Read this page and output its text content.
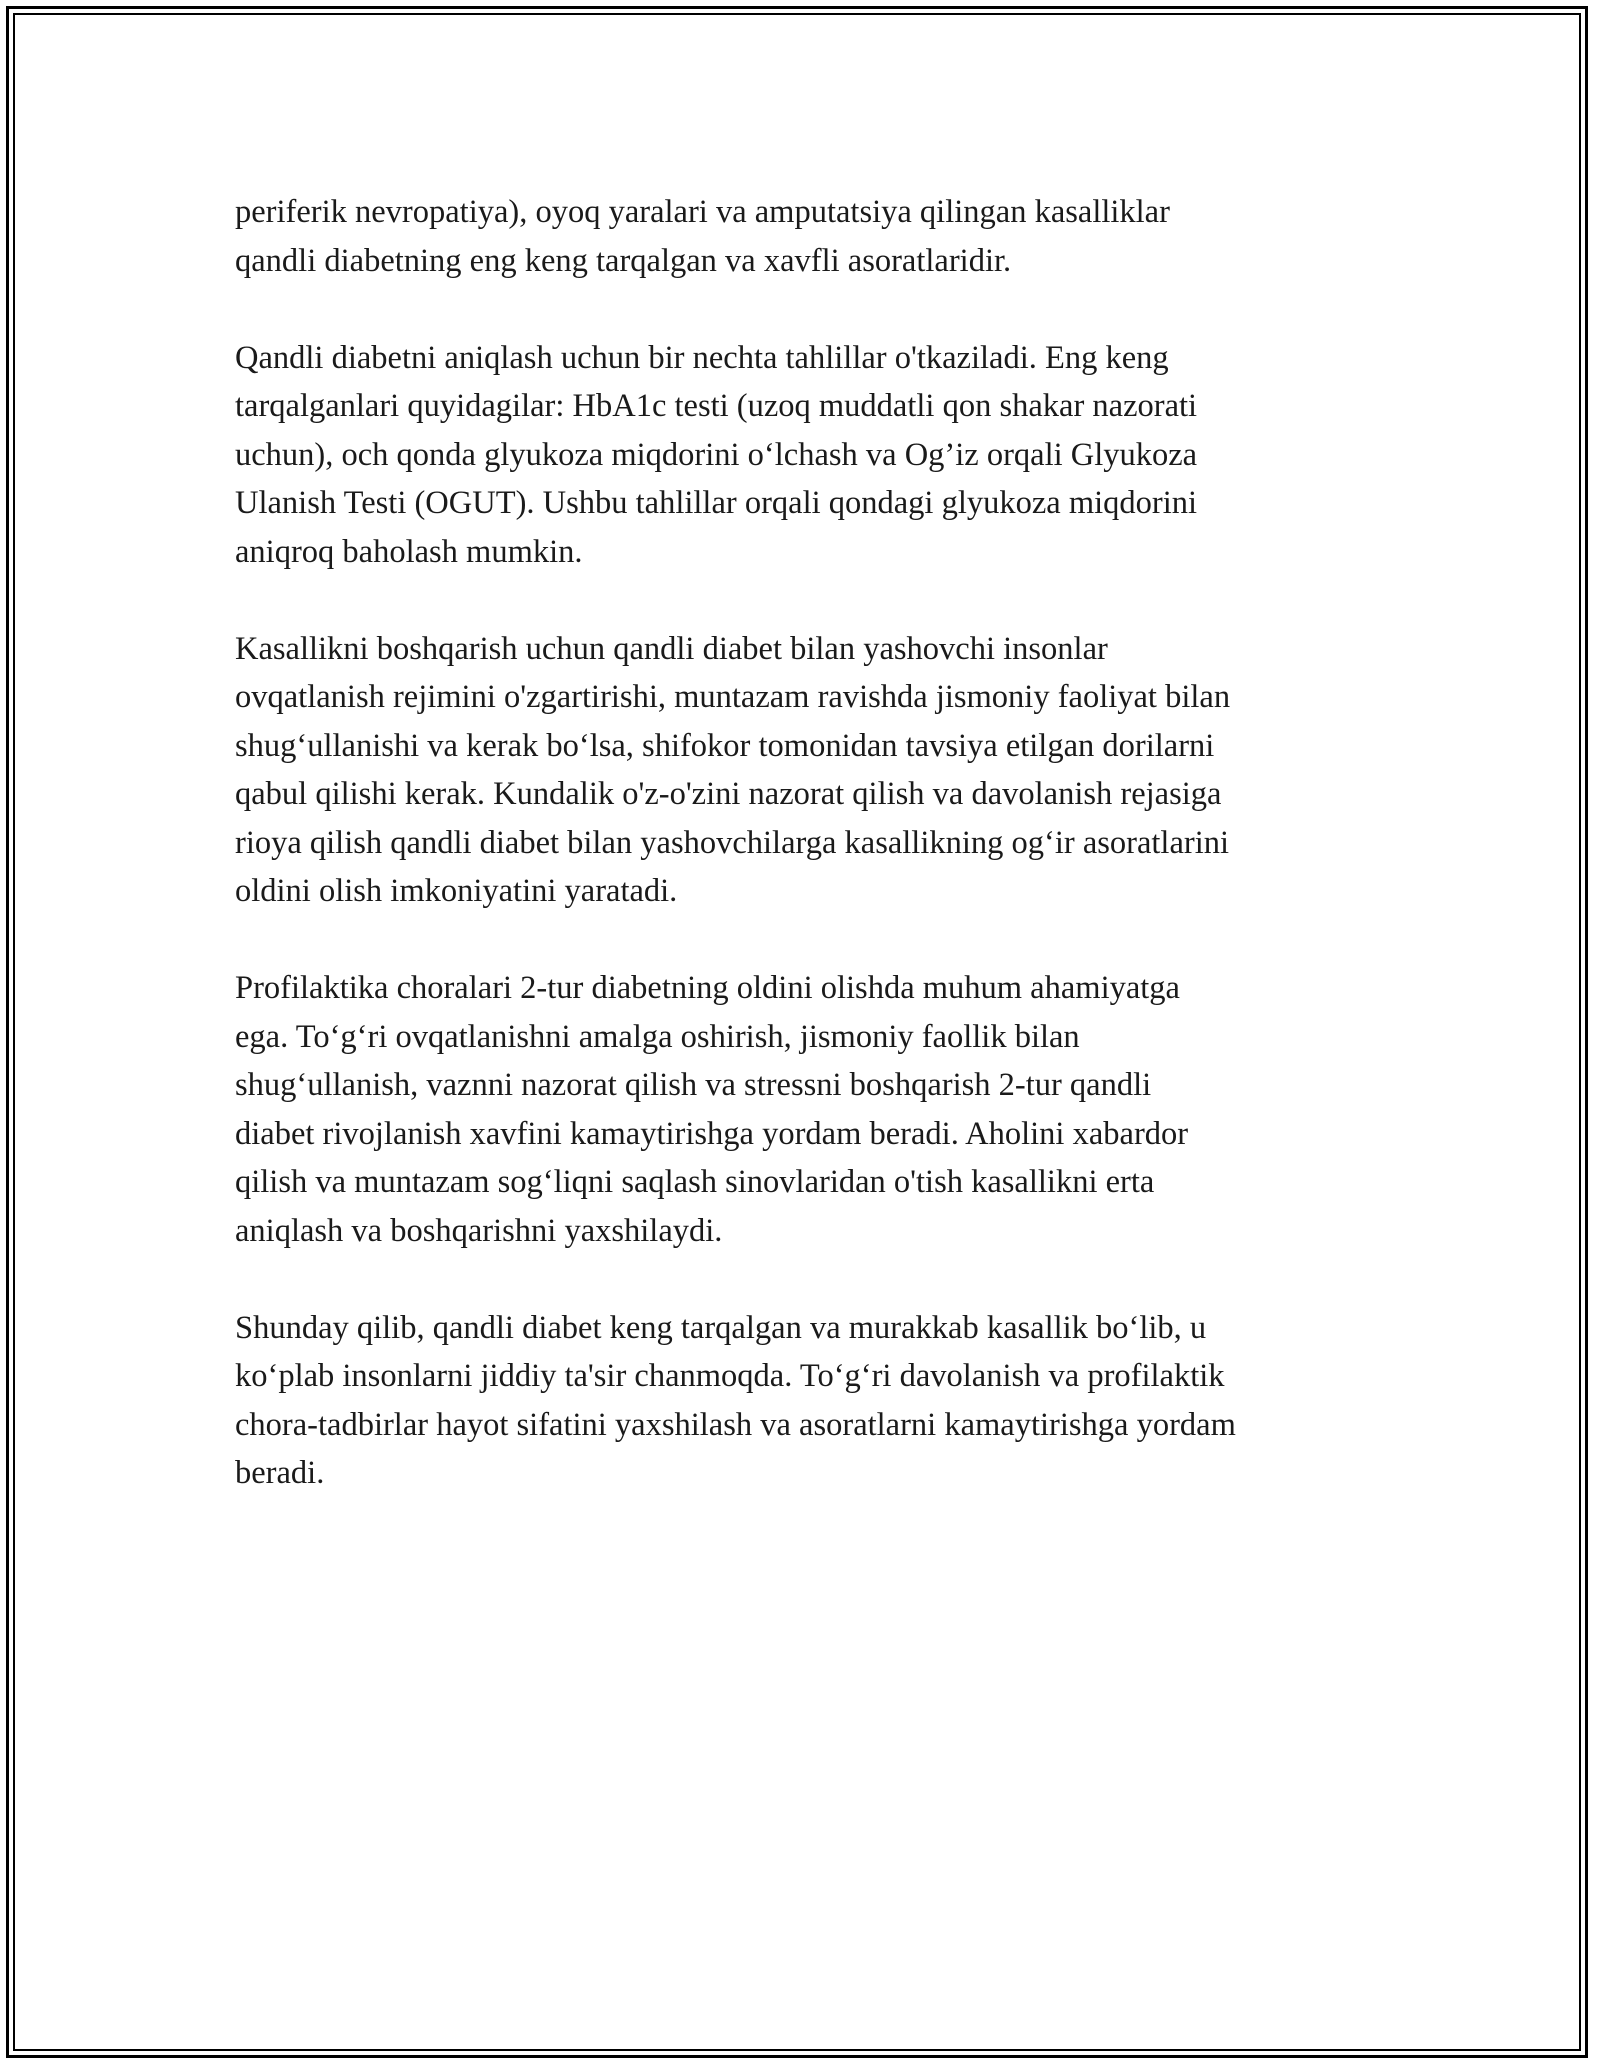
periferik nevropatiya), oyoq yaralari va amputatsiya qilingan kasalliklar
qandli diabetning eng keng tarqalgan va xavfli asoratlaridir.

Qandli diabetni aniqlash uchun bir nechta tahlillar o'tkaziladi. Eng keng
tarqalganlari quyidagilar: HbA1c testi (uzoq muddatli qon shakar nazorati
uchun), och qonda glyukoza miqdorini o‘lchash va Og’iz orqali Glyukoza
Ulanish Testi (OGUT). Ushbu tahlillar orqali qondagi glyukoza miqdorini
aniqroq baholash mumkin.

Kasallikni boshqarish uchun qandli diabet bilan yashovchi insonlar
ovqatlanish rejimini o'zgartirishi, muntazam ravishda jismoniy faoliyat bilan
shug‘ullanishi va kerak bo‘lsa, shifokor tomonidan tavsiya etilgan dorilarni
qabul qilishi kerak. Kundalik o'z-o'zini nazorat qilish va davolanish rejasiga
rioya qilish qandli diabet bilan yashovchilarga kasallikning og‘ir asoratlarini
oldini olish imkoniyatini yaratadi.

Profilaktika choralari 2-tur diabetning oldini olishda muhum ahamiyatga
ega. To‘g‘ri ovqatlanishni amalga oshirish, jismoniy faollik bilan
shug‘ullanish, vaznni nazorat qilish va stressni boshqarish 2-tur qandli
diabet rivojlanish xavfini kamaytirishga yordam beradi. Aholini xabardor
qilish va muntazam sog‘liqni saqlash sinovlaridan o'tish kasallikni erta
aniqlash va boshqarishni yaxshilaydi.

Shunday qilib, qandli diabet keng tarqalgan va murakkab kasallik bo‘lib, u
ko‘plab insonlarni jiddiy ta'sir chanmoqda. To‘g‘ri davolanish va profilaktik
chora-tadbirlar hayot sifatini yaxshilash va asoratlarni kamaytirishga yordam
beradi.
